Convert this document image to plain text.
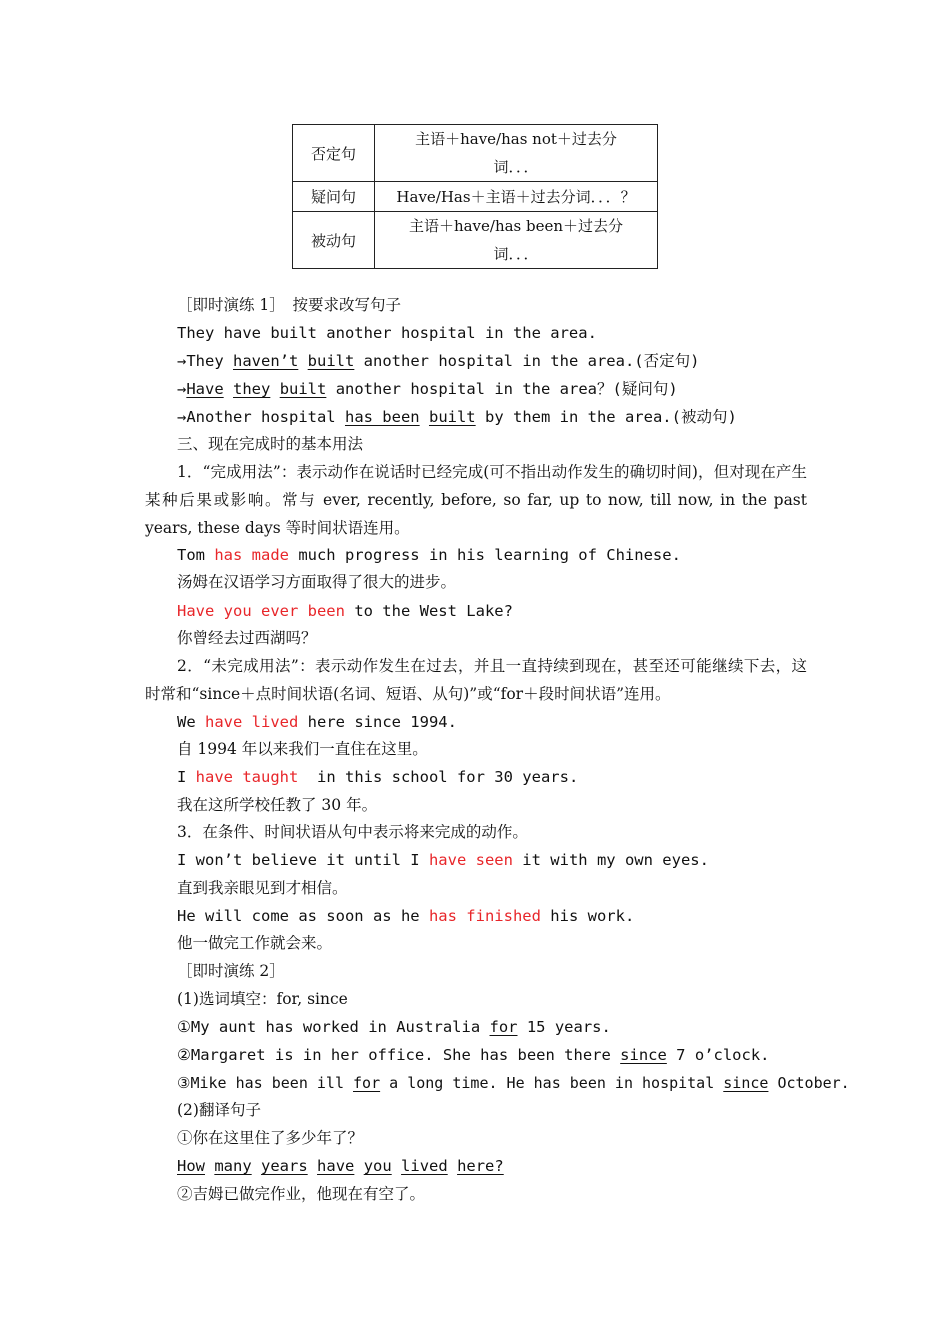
否定句	主语＋have/has not＋过去分
词．．．
疑问句	Have/Has＋主语＋过去分词．．．？
被动句	主语＋have/has been＋过去分
词．．．
［即时演练 1］　按要求改写句子
They have built another hospital in the area.
→They haven’t built another hospital in the area.(否定句)
→Have they built another hospital in the area？(疑问句)
→Another hospital has been built by them in the area.(被动句)
三、现在完成时的基本用法
1．“完成用法”：表示动作在说话时已经完成(可不指出动作发生的确切时间)，但对现在产生某种后果或影响。常与 ever, recently, before, so far, up to now, till now, in the past years, these days 等时间状语连用。
Tom has made much progress in his learning of Chinese.
汤姆在汉语学习方面取得了很大的进步。
Have you ever been to the West Lake?
你曾经去过西湖吗？
2．“未完成用法”：表示动作发生在过去，并且一直持续到现在，甚至还可能继续下去，这时常和“since＋点时间状语(名词、短语、从句)”或“for＋段时间状语”连用。
We have lived here since 1994.
自 1994 年以来我们一直住在这里。
I have taught  in this school for 30 years.
我在这所学校任教了 30 年。
3．在条件、时间状语从句中表示将来完成的动作。
I won’t believe it until I have seen it with my own eyes.
直到我亲眼见到才相信。
He will come as soon as he has finished his work.
他一做完工作就会来。
［即时演练 2］
(1)选词填空：for, since
①My aunt has worked in Australia for 15 years.
②Margaret is in her office. She has been there since 7 o’clock.
③Mike has been ill for a long time. He has been in hospital since October.
(2)翻译句子
①你在这里住了多少年了？
How many years have you lived here?
②吉姆已做完作业，他现在有空了。
